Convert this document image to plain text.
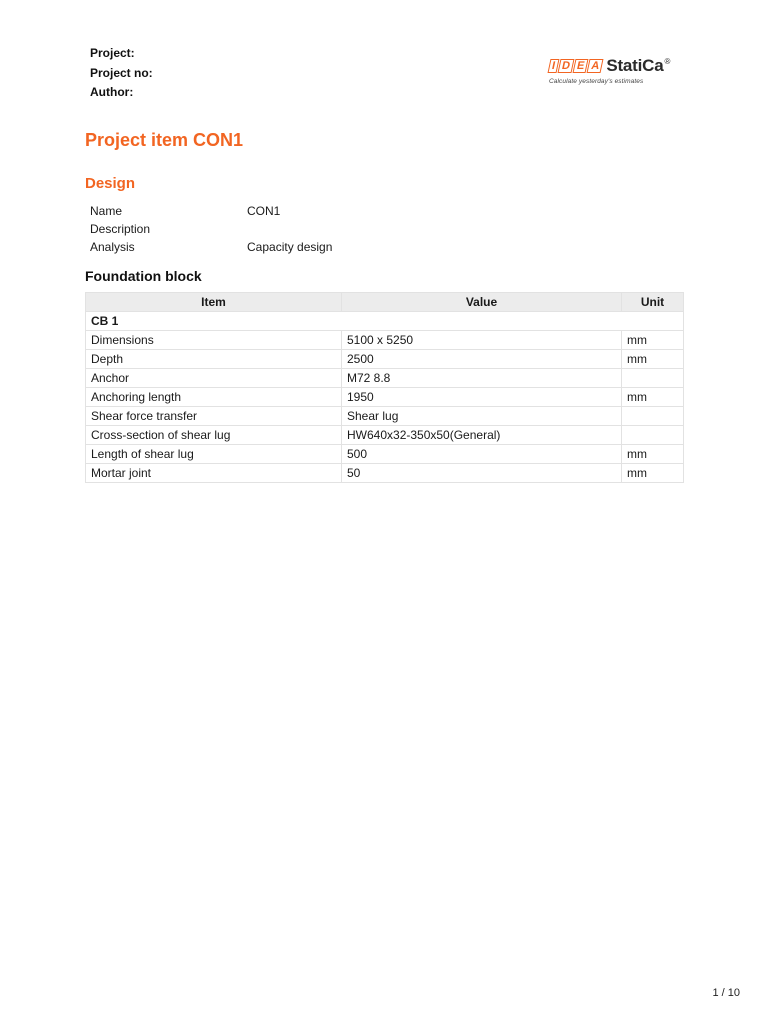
Project:
Project no:
Author:
I D E A StatiCa®
Calculate yesterday's estimates
Project item CON1
Design
Name	CON1
Description
Analysis	Capacity design
Foundation block
Item	Value	Unit
CB 1		
Dimensions	5100 x 5250	mm
Depth	2500	mm
Anchor	M72 8.8	
Anchoring length	1950	mm
Shear force transfer	Shear lug	
Cross-section of shear lug	HW640x32-350x50(General)	
Length of shear lug	500	mm
Mortar joint	50	mm
1 / 10
